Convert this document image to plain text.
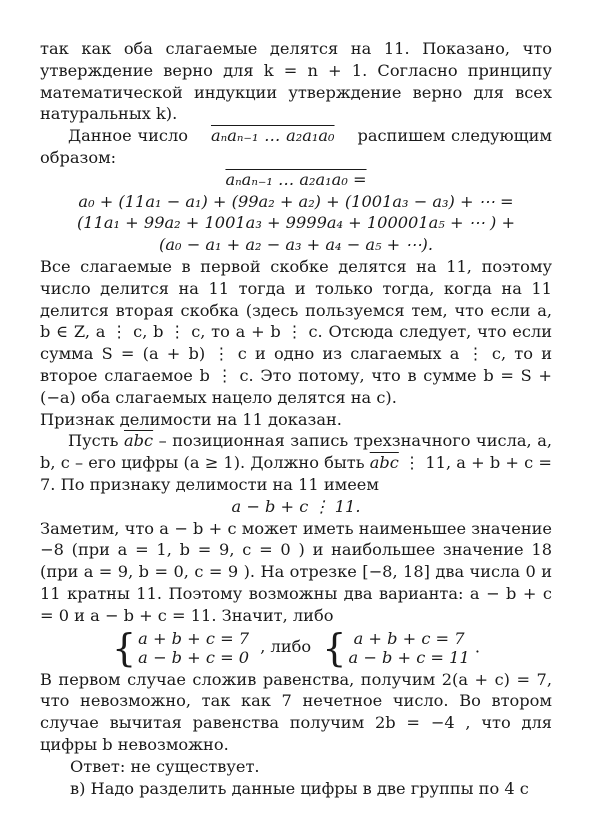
так как оба слагаемые делятся на 11. Показано, что утверждение верно для k = n + 1. Согласно принципу математической индукции утверждение верно для всех натуральных k).

Данное число aₙaₙ₋₁ … a₂a₁a₀ распишем следующим образом:

aₙaₙ₋₁ … a₂a₁a₀ =

a₀ + (11a₁ − a₁) + (99a₂ + a₂) + (1001a₃ − a₃) + ⋯ =

(11a₁ + 99a₂ + 1001a₃ + 9999a₄ + 100001a₅ + ⋯ ) +

(a₀ − a₁ + a₂ − a₃ + a₄ − a₅ + ⋯).

Все слагаемые в первой скобке делятся на 11, поэтому число делится на 11 тогда и только тогда, когда на 11 делится вторая скобка (здесь пользуемся тем, что если a, b ∈ Z, a ⋮ c, b ⋮ c, то a + b ⋮ c. Отсюда следует, что если сумма S = (a + b) ⋮ c и одно из слагаемых a ⋮ c, то и второе слагаемое b ⋮ c. Это потому, что в сумме b = S + (−a) оба слагаемых нацело делятся на c).

Признак делимости на 11 доказан.

Пусть $\overline{abc}$ – позиционная запись трехзначного числа, a, b, c – его цифры (a ≥ 1). Должно быть $\overline{abc}$ ⋮ 11, a + b + c = 7. По признаку делимости на 11 имеем

a − b + c ⋮ 11.

Заметим, что a − b + c может иметь наименьшее значение −8 (при a = 1, b = 9, c = 0 ) и наибольшее значение 18 (при a = 9, b = 0, c = 9 ). На отрезке [−8, 18] два числа 0 и 11 кратны 11. Поэтому возможны два варианта: a − b + c = 0 и a − b + c = 11. Значит, либо

{ a + b + c = 7
a − b + c = 0
, либо { a + b + c = 7
a − b + c = 11
.

В первом случае сложив равенства, получим 2(a + c) = 7, что невозможно, так как 7 нечетное число. Во втором случае вычитая равенства получим 2b = −4 , что для цифры b невозможно.

Ответ: не существует.

в) Надо разделить данные цифры в две группы по 4 с
